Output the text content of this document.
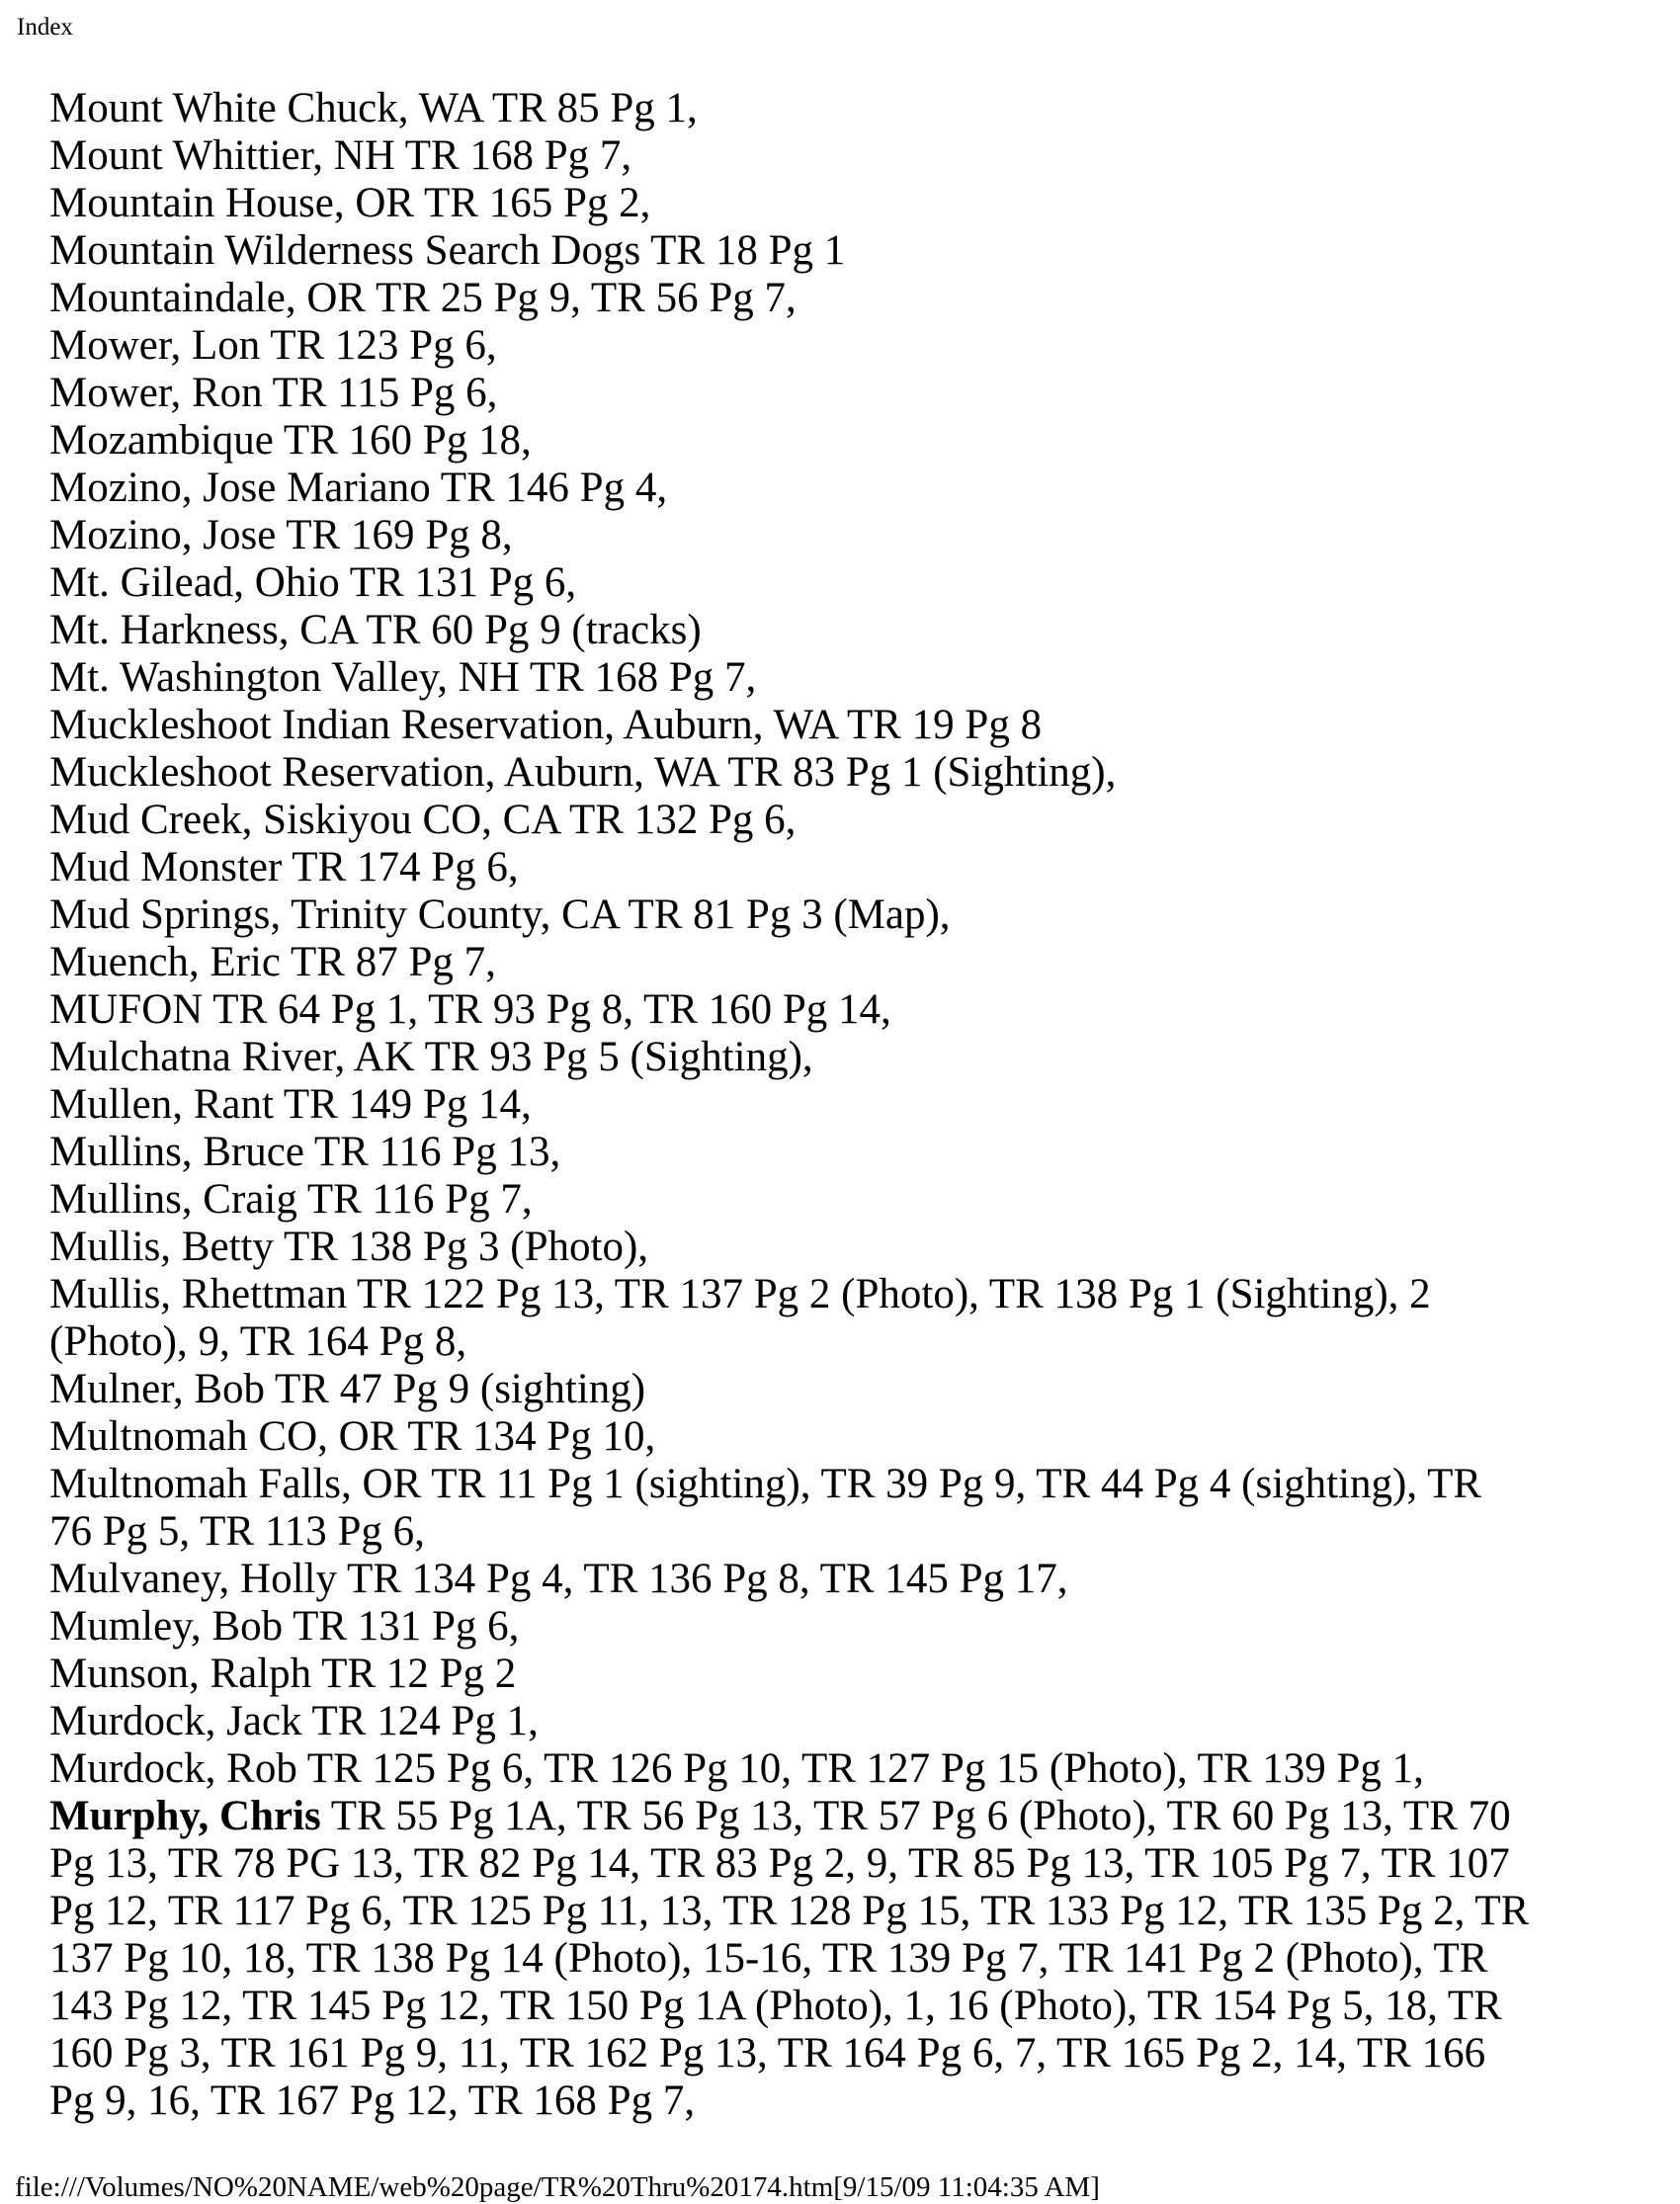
Index

Mount White Chuck, WA TR 85 Pg 1,

Mount Whittier, NH TR 168 Pg 7,

Mountain House, OR TR 165 Pg 2,

Mountain Wilderness Search Dogs TR 18 Pg 1

Mountaindale, OR TR 25 Pg 9, TR 56 Pg 7,

Mower, Lon TR 123 Pg 6,

Mower, Ron TR 115 Pg 6,

Mozambique TR 160 Pg 18,

Mozino, Jose Mariano TR 146 Pg 4,

Mozino, Jose TR 169 Pg 8,

Mt. Gilead, Ohio TR 131 Pg 6,

Mt. Harkness, CA TR 60 Pg 9 (tracks)

Mt. Washington Valley, NH TR 168 Pg 7,

Muckleshoot Indian Reservation, Auburn, WA TR 19 Pg 8

Muckleshoot Reservation, Auburn, WA TR 83 Pg 1 (Sighting),

Mud Creek, Siskiyou CO, CA TR 132 Pg 6,

Mud Monster TR 174 Pg 6,

Mud Springs, Trinity County, CA TR 81 Pg 3 (Map),

Muench, Eric TR 87 Pg 7,

MUFON TR 64 Pg 1, TR 93 Pg 8, TR 160 Pg 14,

Mulchatna River, AK TR 93 Pg 5 (Sighting),

Mullen, Rant TR 149 Pg 14,

Mullins, Bruce TR 116 Pg 13,

Mullins, Craig TR 116 Pg 7,

Mullis, Betty TR 138 Pg 3 (Photo),

Mullis, Rhettman TR 122 Pg 13, TR 137 Pg 2 (Photo), TR 138 Pg 1 (Sighting), 2 (Photo), 9, TR 164 Pg 8,

Mulner, Bob TR 47 Pg 9 (sighting)

Multnomah CO, OR TR 134 Pg 10,

Multnomah Falls, OR TR 11 Pg 1 (sighting), TR 39 Pg 9, TR 44 Pg 4 (sighting), TR 76 Pg 5, TR 113 Pg 6,

Mulvaney, Holly TR 134 Pg 4, TR 136 Pg 8, TR 145 Pg 17,

Mumley, Bob TR 131 Pg 6,

Munson, Ralph TR 12 Pg 2

Murdock, Jack TR 124 Pg 1,

Murdock, Rob TR 125 Pg 6, TR 126 Pg 10, TR 127 Pg 15 (Photo), TR 139 Pg 1,

Murphy, Chris TR 55 Pg 1A, TR 56 Pg 13, TR 57 Pg 6 (Photo), TR 60 Pg 13, TR 70 Pg 13, TR 78 PG 13, TR 82 Pg 14, TR 83 Pg 2, 9, TR 85 Pg 13, TR 105 Pg 7, TR 107 Pg 12, TR 117 Pg 6, TR 125 Pg 11, 13, TR 128 Pg 15, TR 133 Pg 12, TR 135 Pg 2, TR 137 Pg 10, 18, TR 138 Pg 14 (Photo), 15-16, TR 139 Pg 7, TR 141 Pg 2 (Photo), TR 143 Pg 12, TR 145 Pg 12, TR 150 Pg 1A (Photo), 1, 16 (Photo), TR 154 Pg 5, 18, TR 160 Pg 3, TR 161 Pg 9, 11, TR 162 Pg 13, TR 164 Pg 6, 7, TR 165 Pg 2, 14, TR 166 Pg 9, 16, TR 167 Pg 12, TR 168 Pg 7,

file:///Volumes/NO%20NAME/web%20page/TR%20Thru%20174.htm[9/15/09 11:04:35 AM]
